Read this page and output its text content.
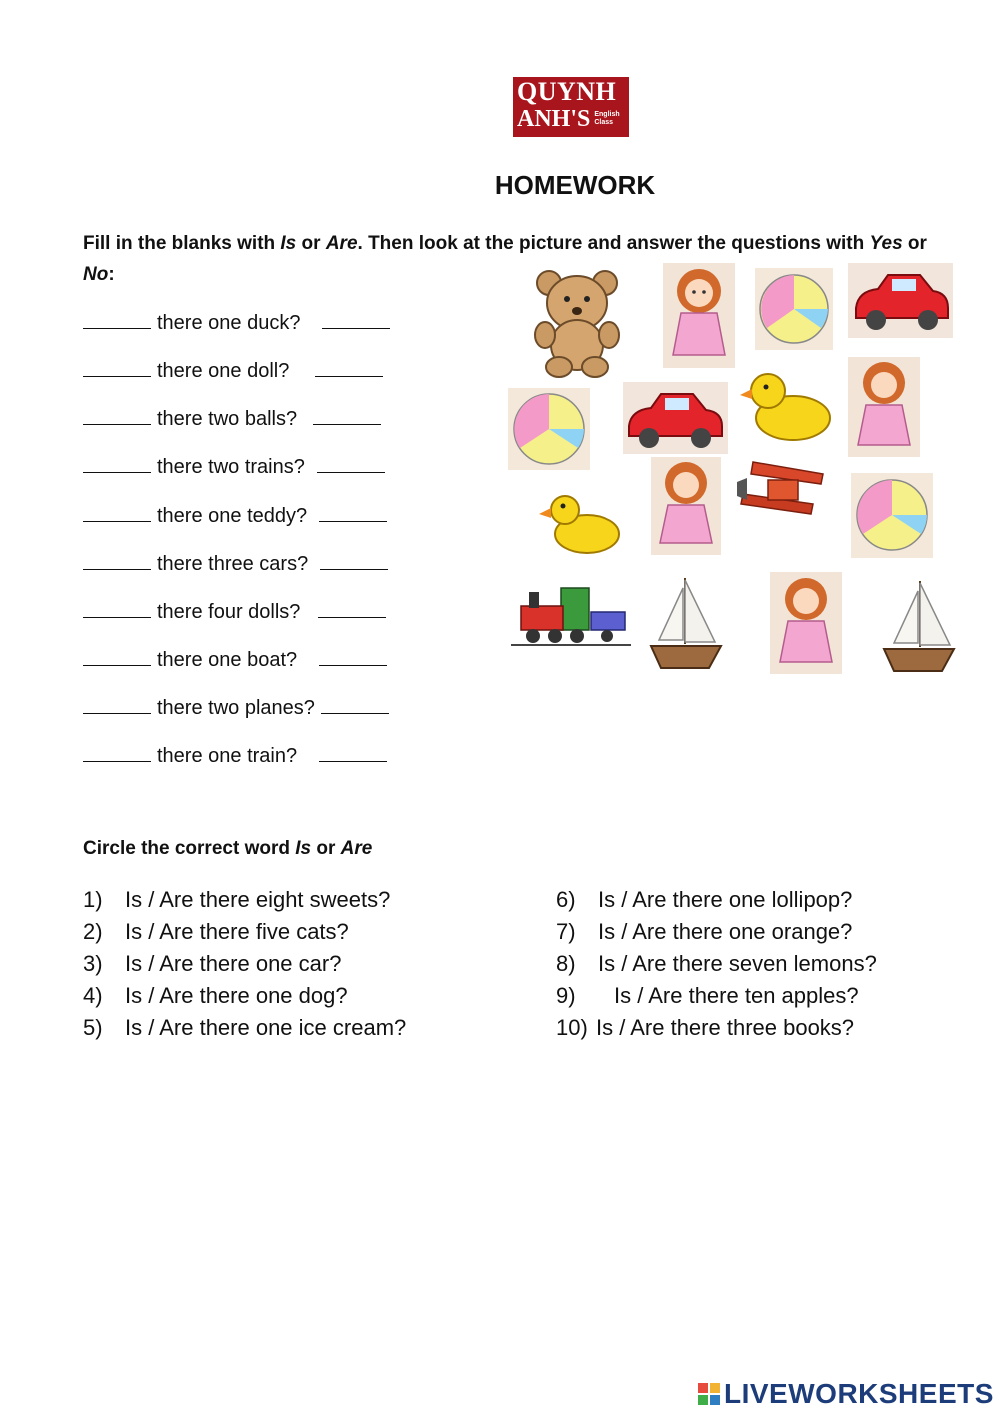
QUYNH
ANH'S English
Class
HOMEWORK
Fill in the blanks with Is or Are. Then look at the picture and answer the questions with Yes or
No:
there one duck?
there one doll?
there two balls?
there two trains?
there one teddy?
there three cars?
there four dolls?
there one boat?
there two planes?
there one train?
Circle the correct word Is or Are
1) Is / Are there eight sweets?
2) Is / Are there five cats?
3) Is / Are there one car?
4) Is / Are there one dog?
5) Is / Are there one ice cream?
6) Is / Are there one lollipop?
7) Is / Are there one orange?
8) Is / Are there seven lemons?
9) Is / Are there ten apples?
10) Is / Are there three books?
LIVEWORKSHEETS
